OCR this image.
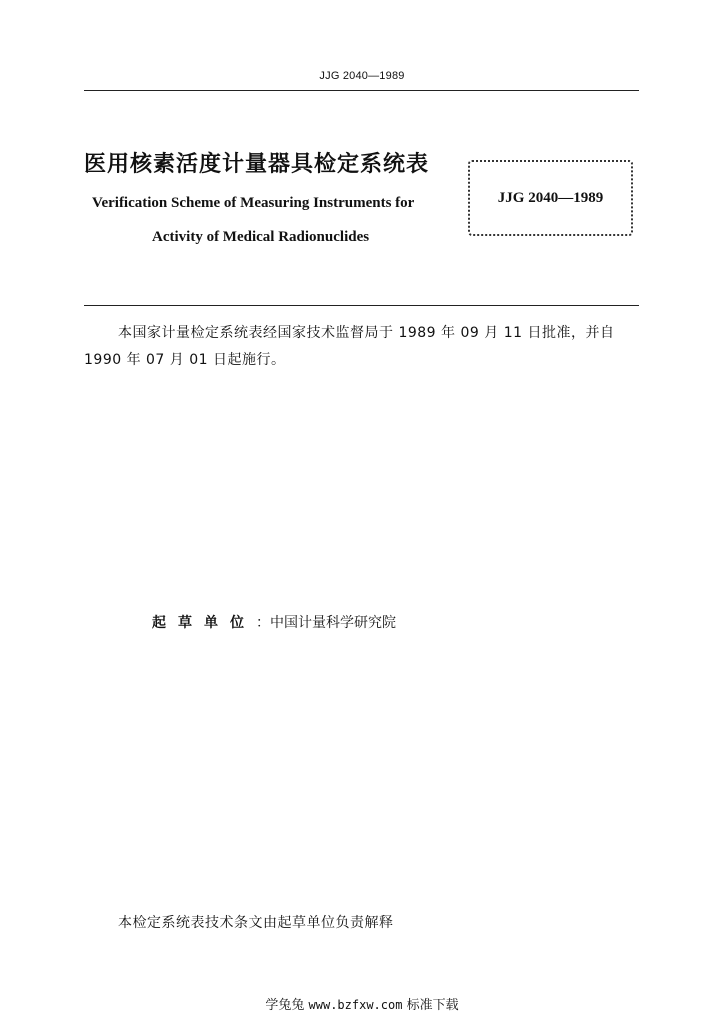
JJG 2040—1989
医用核素活度计量器具检定系统表
Verification Scheme of Measuring Instruments for
Activity of Medical Radionuclides
JJG 2040—1989
本国家计量检定系统表经国家技术监督局于 1989 年 09 月 11 日批准，并自 1990 年 07 月 01 日起施行。
起草单位：中国计量科学研究院
本检定系统表技术条文由起草单位负责解释
学兔兔 www.bzfxw.com 标准下载
